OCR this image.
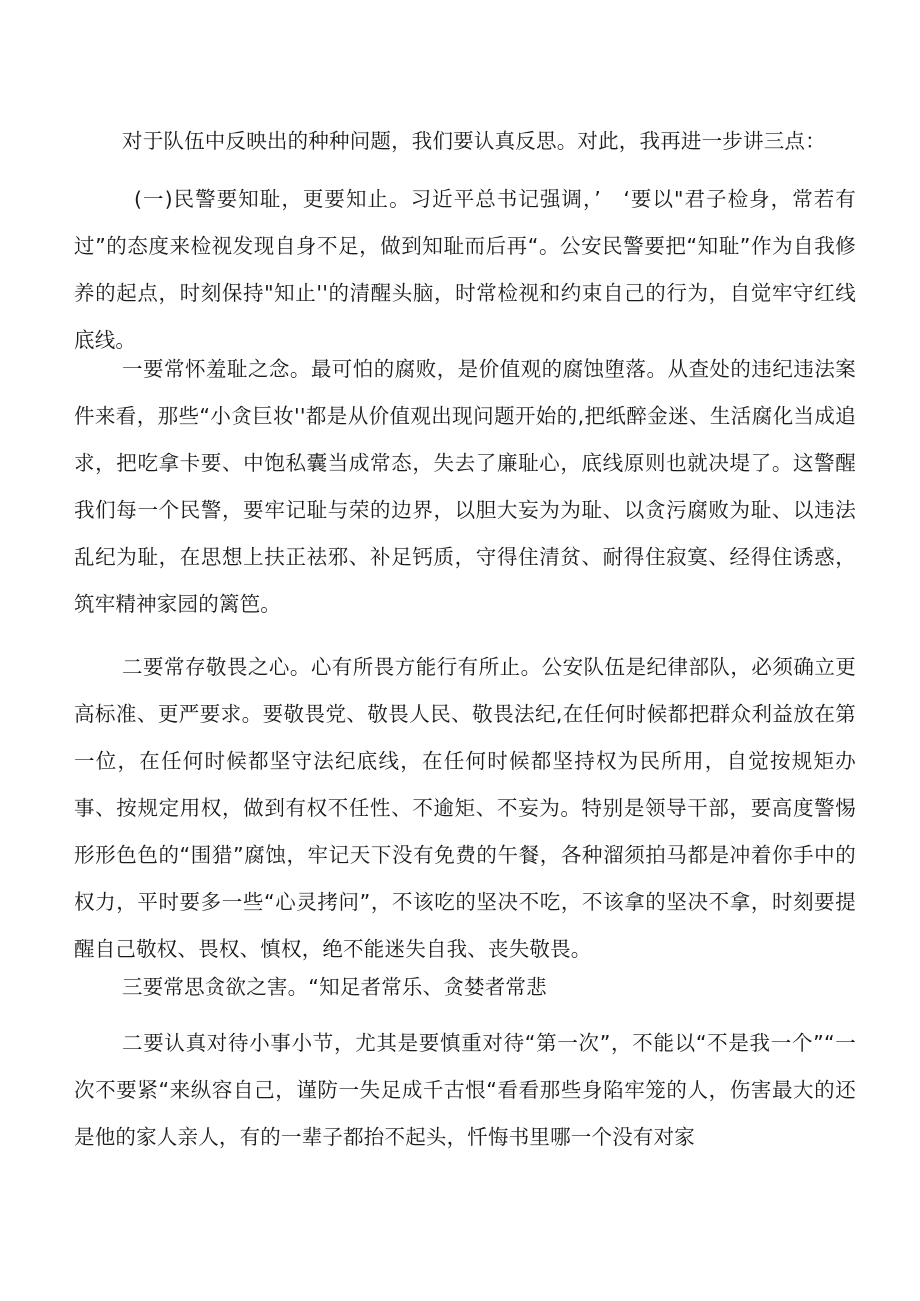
对于队伍中反映出的种种问题，我们要认真反思。对此，我再进一步讲三点：

(一)民警要知耻，更要知止。习近平总书记强调，’　‘要以"君子检身，常若有过”的态度来检视发现自身不足，做到知耻而后再“。公安民警要把“知耻”作为自我修养的起点，时刻保持"知止''的清醒头脑，时常检视和约束自己的行为，自觉牢守红线底线。

一要常怀羞耻之念。最可怕的腐败，是价值观的腐蚀堕落。从查处的违纪违法案件来看，那些“小贪巨妆''都是从价值观出现问题开始的,把纸醉金迷、生活腐化当成追求，把吃拿卡要、中饱私囊当成常态，失去了廉耻心，底线原则也就决堤了。这警醒我们每一个民警，要牢记耻与荣的边界，以胆大妄为为耻、以贪污腐败为耻、以违法乱纪为耻，在思想上扶正祛邪、补足钙质，守得住清贫、耐得住寂寞、经得住诱惑，筑牢精神家园的篱笆。

二要常存敬畏之心。心有所畏方能行有所止。公安队伍是纪律部队，必须确立更高标准、更严要求。要敬畏党、敬畏人民、敬畏法纪,在任何时候都把群众利益放在第一位，在任何时候都坚守法纪底线，在任何时候都坚持权为民所用，自觉按规矩办事、按规定用权，做到有权不任性、不逾矩、不妄为。特别是领导干部，要高度警惕形形色色的“围猎”腐蚀，牢记天下没有免费的午餐，各种溜须拍马都是冲着你手中的权力，平时要多一些“心灵拷问”，不该吃的坚决不吃，不该拿的坚决不拿，时刻要提醒自己敬权、畏权、慎权，绝不能迷失自我、丧失敬畏。

三要常思贪欲之害。“知足者常乐、贪婪者常悲

二要认真对待小事小节，尤其是要慎重对待“第一次”，不能以“不是我一个”“一次不要紧“来纵容自己，谨防一失足成千古恨“看看那些身陷牢笼的人，伤害最大的还是他的家人亲人，有的一辈子都抬不起头，忏悔书里哪一个没有对家
